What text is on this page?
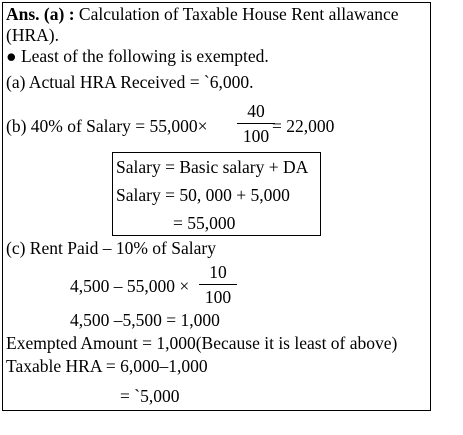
Ans. (a) : Calculation of Taxable House Rent allawance
(HRA).
● Least of the following is exempted.
(a) Actual HRA Received = `6,000.
(b) 40% of Salary = 55,000×
40
100 = 22,000
Salary = Basic salary + DA
Salary = 50, 000 + 5,000
= 55,000
(c) Rent Paid – 10% of Salary
4,500 – 55,000 ×
10
100
4,500 –5,500 = 1,000
Exempted Amount = 1,000(Because it is least of above)
Taxable HRA = 6,000–1,000
= `5,000
